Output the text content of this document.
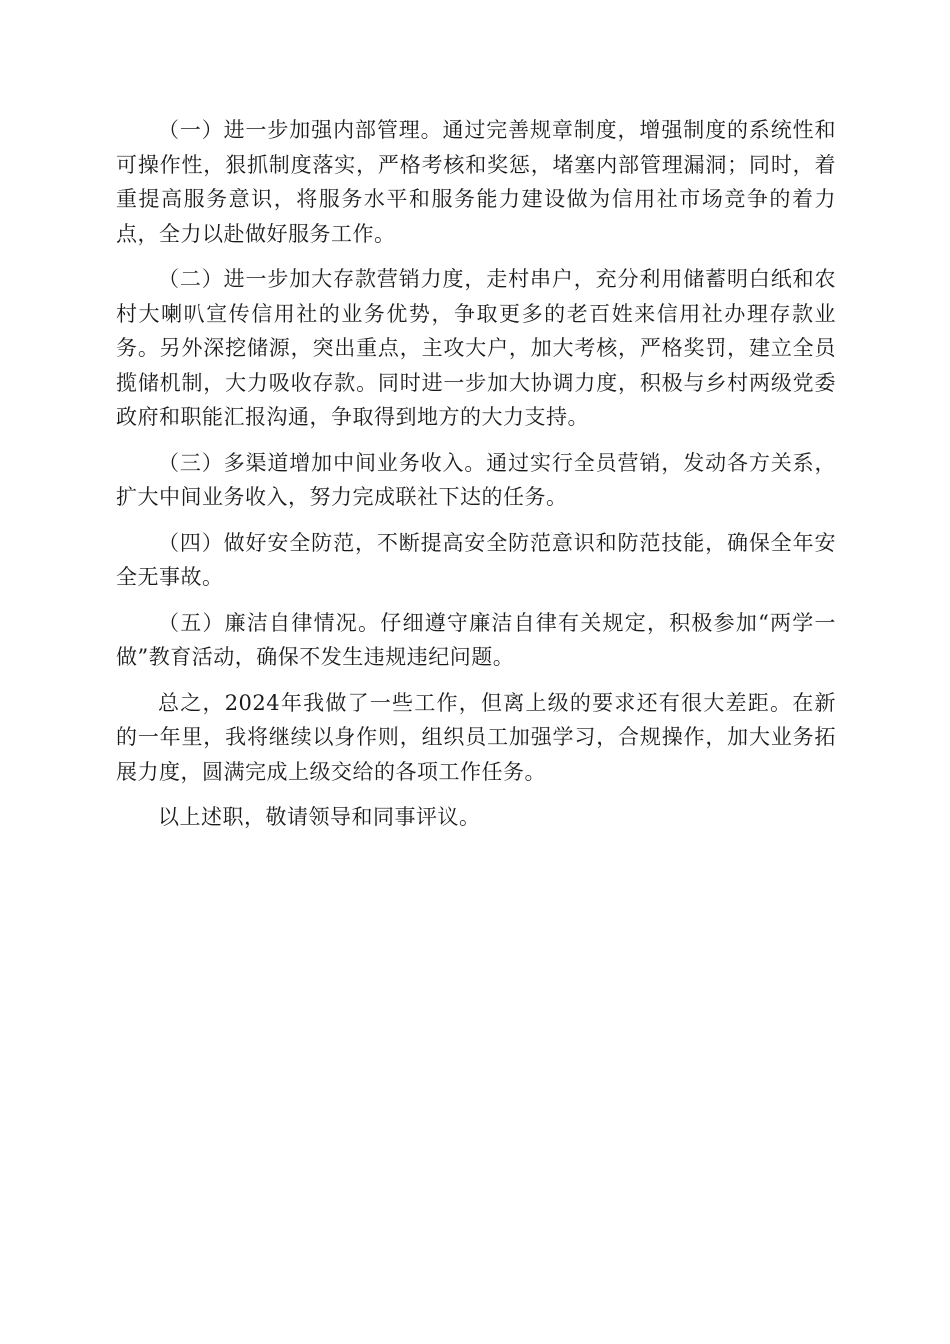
（一）进一步加强内部管理。通过完善规章制度，增强制度的系统性和可操作性，狠抓制度落实，严格考核和奖惩，堵塞内部管理漏洞；同时，着重提高服务意识，将服务水平和服务能力建设做为信用社市场竞争的着力点，全力以赴做好服务工作。

（二）进一步加大存款营销力度，走村串户，充分利用储蓄明白纸和农村大喇叭宣传信用社的业务优势，争取更多的老百姓来信用社办理存款业务。另外深挖储源，突出重点，主攻大户，加大考核，严格奖罚，建立全员揽储机制，大力吸收存款。同时进一步加大协调力度，积极与乡村两级党委政府和职能汇报沟通，争取得到地方的大力支持。

（三）多渠道增加中间业务收入。通过实行全员营销，发动各方关系，扩大中间业务收入，努力完成联社下达的任务。

（四）做好安全防范，不断提高安全防范意识和防范技能，确保全年安全无事故。

（五）廉洁自律情况。仔细遵守廉洁自律有关规定，积极参加“两学一做”教育活动，确保不发生违规违纪问题。

总之，2024年我做了一些工作，但离上级的要求还有很大差距。在新的一年里，我将继续以身作则，组织员工加强学习，合规操作，加大业务拓展力度，圆满完成上级交给的各项工作任务。

以上述职，敬请领导和同事评议。
